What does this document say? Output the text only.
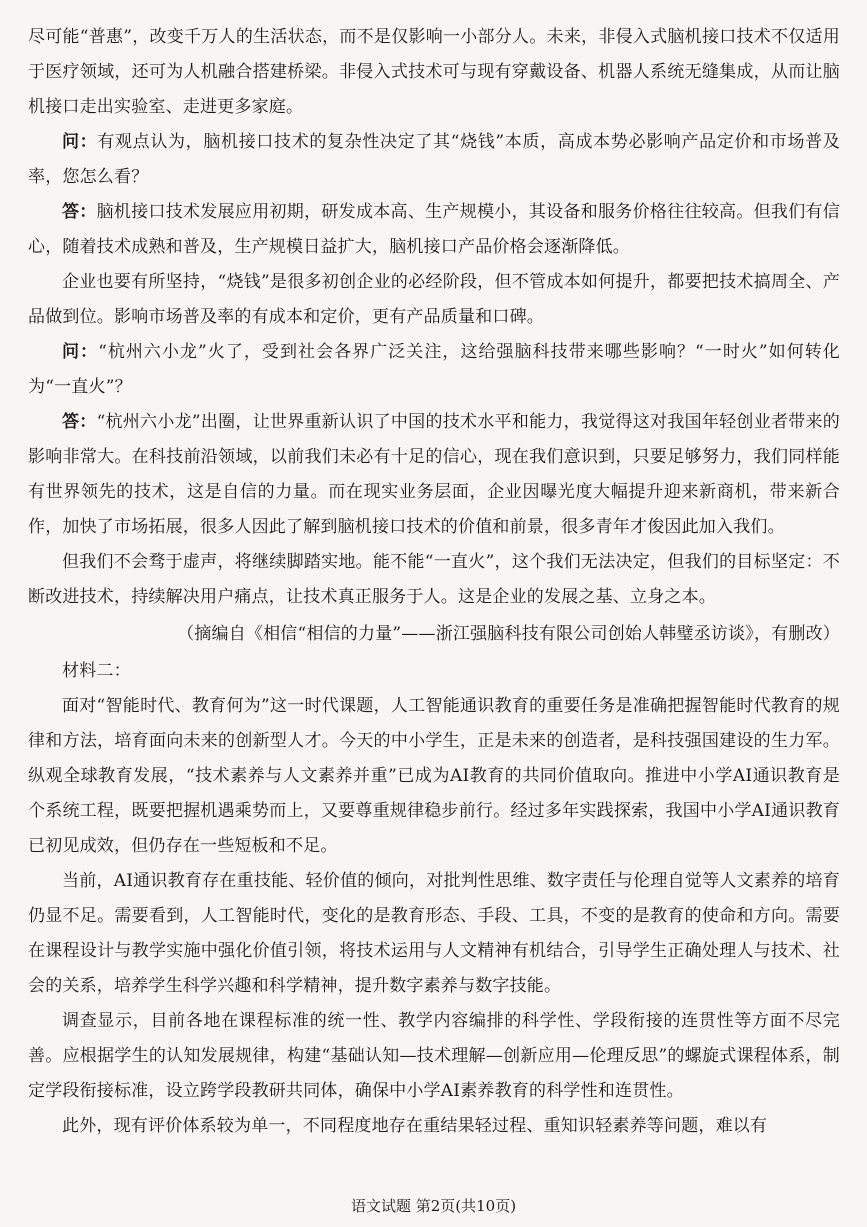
尽可能“普惠”，改变千万人的生活状态，而不是仅影响一小部分人。未来，非侵入式脑机接口技术不仅适用于医疗领域，还可为人机融合搭建桥梁。非侵入式技术可与现有穿戴设备、机器人系统无缝集成，从而让脑机接口走出实验室、走进更多家庭。

问：有观点认为，脑机接口技术的复杂性决定了其“烧钱”本质，高成本势必影响产品定价和市场普及率，您怎么看？

答：脑机接口技术发展应用初期，研发成本高、生产规模小，其设备和服务价格往往较高。但我们有信心，随着技术成熟和普及，生产规模日益扩大，脑机接口产品价格会逐渐降低。

企业也要有所坚持，“烧钱”是很多初创企业的必经阶段，但不管成本如何提升，都要把技术搞周全、产品做到位。影响市场普及率的有成本和定价，更有产品质量和口碑。

问：“杭州六小龙”火了，受到社会各界广泛关注，这给强脑科技带来哪些影响？“一时火”如何转化为“一直火”？

答：“杭州六小龙”出圈，让世界重新认识了中国的技术水平和能力，我觉得这对我国年轻创业者带来的影响非常大。在科技前沿领域，以前我们未必有十足的信心，现在我们意识到，只要足够努力，我们同样能有世界领先的技术，这是自信的力量。而在现实业务层面，企业因曝光度大幅提升迎来新商机，带来新合作，加快了市场拓展，很多人因此了解到脑机接口技术的价值和前景，很多青年才俊因此加入我们。

但我们不会骛于虚声，将继续脚踏实地。能不能“一直火”，这个我们无法决定，但我们的目标坚定：不断改进技术，持续解决用户痛点，让技术真正服务于人。这是企业的发展之基、立身之本。

（摘编自《相信“相信的力量”——浙江强脑科技有限公司创始人韩璧丞访谈》，有删改）

材料二：

面对“智能时代、教育何为”这一时代课题，人工智能通识教育的重要任务是准确把握智能时代教育的规律和方法，培育面向未来的创新型人才。今天的中小学生，正是未来的创造者，是科技强国建设的生力军。纵观全球教育发展，“技术素养与人文素养并重”已成为AI教育的共同价值取向。推进中小学AI通识教育是个系统工程，既要把握机遇乘势而上，又要尊重规律稳步前行。经过多年实践探索，我国中小学AI通识教育已初见成效，但仍存在一些短板和不足。

当前，AI通识教育存在重技能、轻价值的倾向，对批判性思维、数字责任与伦理自觉等人文素养的培育仍显不足。需要看到，人工智能时代，变化的是教育形态、手段、工具，不变的是教育的使命和方向。需要在课程设计与教学实施中强化价值引领，将技术运用与人文精神有机结合，引导学生正确处理人与技术、社会的关系，培养学生科学兴趣和科学精神，提升数字素养与数字技能。

调查显示，目前各地在课程标准的统一性、教学内容编排的科学性、学段衔接的连贯性等方面不尽完善。应根据学生的认知发展规律，构建“基础认知—技术理解—创新应用—伦理反思”的螺旋式课程体系，制定学段衔接标准，设立跨学段教研共同体，确保中小学AI素养教育的科学性和连贯性。

此外，现有评价体系较为单一，不同程度地存在重结果轻过程、重知识轻素养等问题，难以有

语文试题 第2页(共10页)
